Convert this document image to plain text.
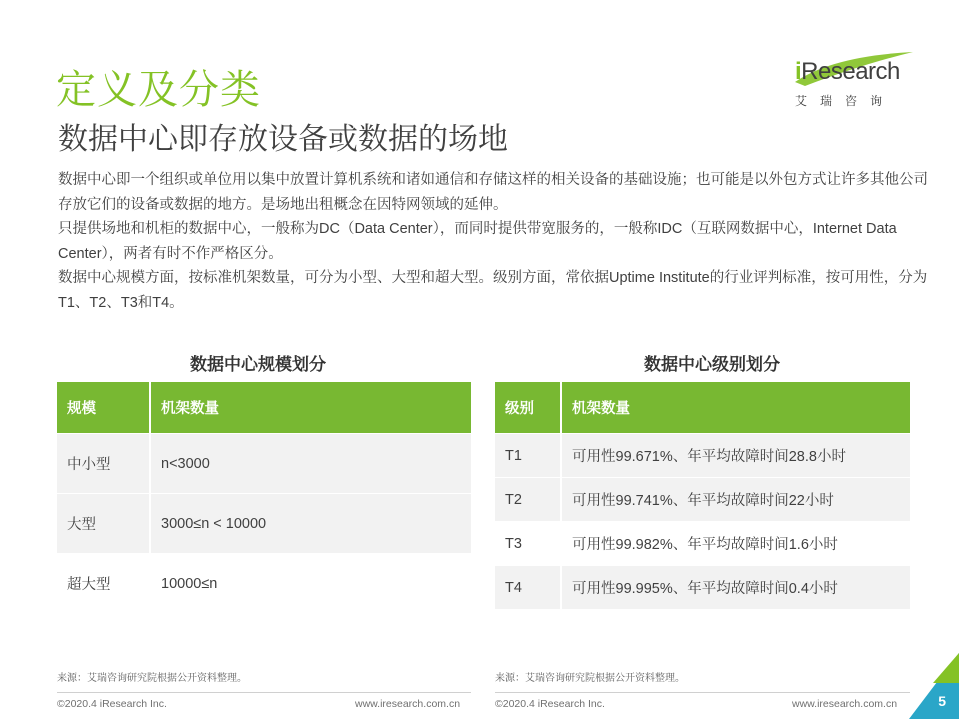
定义及分类
数据中心即存放设备或数据的场地
iResearch
艾瑞咨询

数据中心即一个组织或单位用以集中放置计算机系统和诸如通信和存储这样的相关设备的基础设施；也可能是以外包方式让许多其他公司存放它们的设备或数据的地方。是场地出租概念在因特网领域的延伸。

只提供场地和机柜的数据中心，一般称为DC（Data Center），而同时提供带宽服务的，一般称IDC（互联网数据中心，Internet Data Center），两者有时不作严格区分。

数据中心规模方面，按标准机架数量，可分为小型、大型和超大型。级别方面，常依据Uptime Institute的行业评判标准，按可用性，分为T1、T2、T3和T4。

数据中心规模划分
规模	机架数量
中小型	n<3000
大型	3000≤n < 10000
超大型	10000≤n
数据中心级别划分
级别	机架数量
T1	可用性99.671%、年平均故障时间28.8小时
T2	可用性99.741%、年平均故障时间22小时
T3	可用性99.982%、年平均故障时间1.6小时
T4	可用性99.995%、年平均故障时间0.4小时
来源：艾瑞咨询研究院根据公开资料整理。	来源：艾瑞咨询研究院根据公开资料整理。
©2020.4 iResearch Inc.	www.iresearch.com.cn	©2020.4 iResearch Inc.	www.iresearch.com.cn	5
